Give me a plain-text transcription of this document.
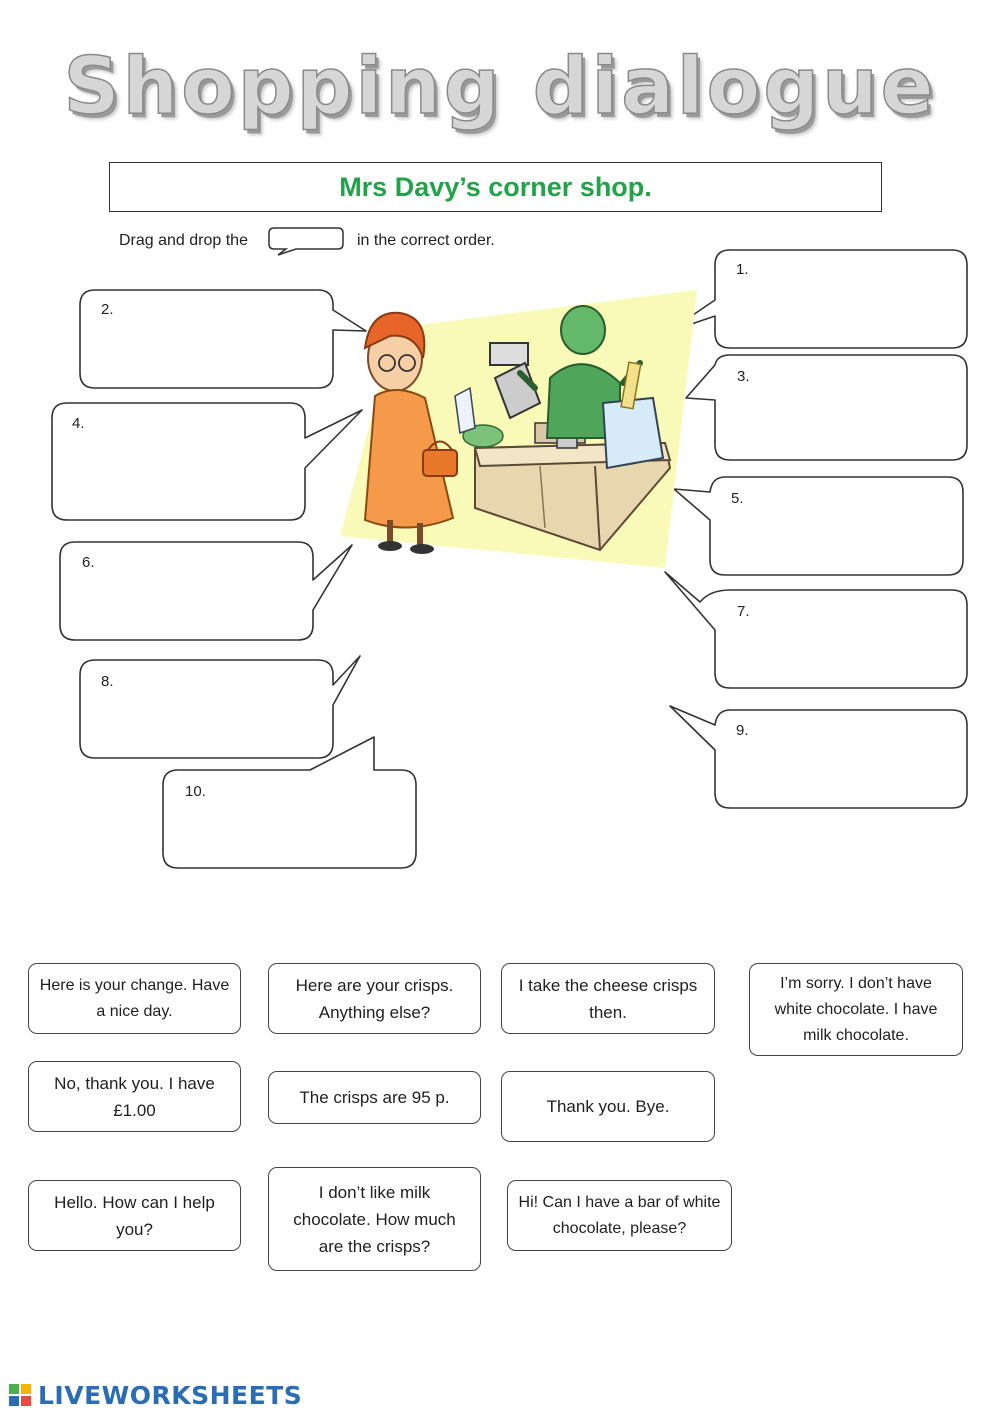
Shopping dialogue
Mrs Davy’s corner shop.
Drag and drop the	in the correct order.
1.
2.
3.
4.
5.
6.
7.
8.
9.
10.
Here is your change. Have a nice day.
Here are your crisps. Anything else?
I take the cheese crisps then.
I’m sorry. I don’t have white chocolate. I have milk chocolate.
No, thank you. I have £1.00
The crisps are 95 p.	Thank you. Bye.
Hello. How can I help you?
I don’t like milk chocolate. How much are the crisps?
Hi! Can I have a bar of white chocolate, please?
LIVEWORKSHEETS
